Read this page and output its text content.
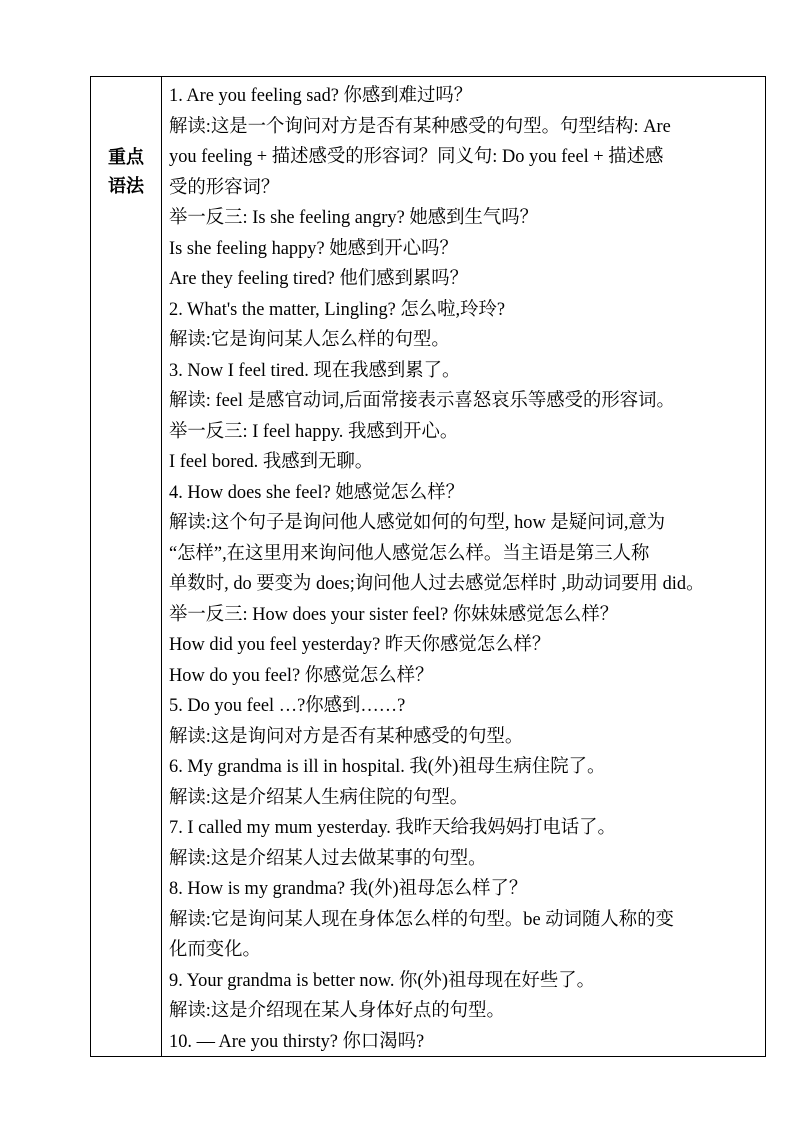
重点
语法
1. Are you feeling sad? 你感到难过吗？
解读:这是一个询问对方是否有某种感受的句型。句型结构: Are
you feeling + 描述感受的形容词？同义句: Do you feel + 描述感
受的形容词？
举一反三: Is she feeling angry? 她感到生气吗？
Is she feeling happy? 她感到开心吗？
Are they feeling tired? 他们感到累吗？
2. What's the matter, Lingling? 怎么啦,玲玲?
解读:它是询问某人怎么样的句型。
3. Now I feel tired. 现在我感到累了。
解读: feel 是感官动词,后面常接表示喜怒哀乐等感受的形容词。
举一反三: I feel happy. 我感到开心。
I feel bored. 我感到无聊。
4. How does she feel? 她感觉怎么样？
解读:这个句子是询问他人感觉如何的句型, how 是疑问词,意为
“怎样”,在这里用来询问他人感觉怎么样。当主语是第三人称
单数时, do 要变为 does;询问他人过去感觉怎样时 ,助动词要用 did。
举一反三: How does your sister feel? 你妹妹感觉怎么样？
How did you feel yesterday? 昨天你感觉怎么样？
How do you feel? 你感觉怎么样？
5. Do you feel …?你感到……?
解读:这是询问对方是否有某种感受的句型。
6. My grandma is ill in hospital. 我(外)祖母生病住院了。
解读:这是介绍某人生病住院的句型。
7. I called my mum yesterday. 我昨天给我妈妈打电话了。
解读:这是介绍某人过去做某事的句型。
8. How is my grandma? 我(外)祖母怎么样了？
解读:它是询问某人现在身体怎么样的句型。be 动词随人称的变
化而变化。
9. Your grandma is better now. 你(外)祖母现在好些了。
解读:这是介绍现在某人身体好点的句型。
10. — Are you thirsty? 你口渴吗?
